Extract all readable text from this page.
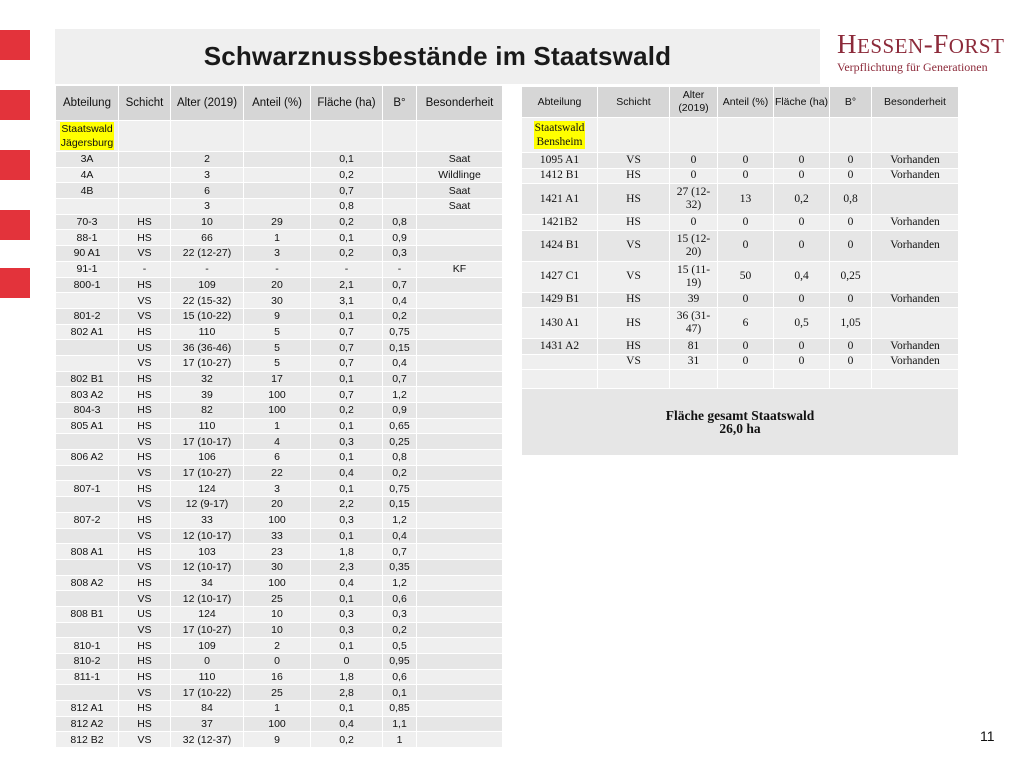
Schwarznussbestände im Staatswald	HESSEN-FORST
Verpflichtung für Generationen
Abteilung	Schicht	Alter (2019)	Anteil (%)	Fläche (ha)	B°	Besonderheit
Staatswald
Jägersburg						
3A		2		0,1		Saat
4A		3		0,2		Wildlinge
4B		6		0,7		Saat
		3		0,8		Saat
70-3	HS	10	29	0,2	0,8	
88-1	HS	66	1	0,1	0,9	
90 A1	VS	22 (12-27)	3	0,2	0,3	
91-1	-	-	-	-	-	KF
800-1	HS	109	20	2,1	0,7	
	VS	22 (15-32)	30	3,1	0,4	
801-2	VS	15 (10-22)	9	0,1	0,2	
802 A1	HS	110	5	0,7	0,75	
	US	36 (36-46)	5	0,7	0,15	
	VS	17 (10-27)	5	0,7	0,4	
802 B1	HS	32	17	0,1	0,7	
803 A2	HS	39	100	0,7	1,2	
804-3	HS	82	100	0,2	0,9	
805 A1	HS	110	1	0,1	0,65	
	VS	17 (10-17)	4	0,3	0,25	
806 A2	HS	106	6	0,1	0,8	
	VS	17 (10-27)	22	0,4	0,2	
807-1	HS	124	3	0,1	0,75	
	VS	12 (9-17)	20	2,2	0,15	
807-2	HS	33	100	0,3	1,2	
	VS	12 (10-17)	33	0,1	0,4	
808 A1	HS	103	23	1,8	0,7	
	VS	12 (10-17)	30	2,3	0,35	
808 A2	HS	34	100	0,4	1,2	
	VS	12 (10-17)	25	0,1	0,6	
808 B1	US	124	10	0,3	0,3	
	VS	17 (10-27)	10	0,3	0,2	
810-1	HS	109	2	0,1	0,5	
810-2	HS	0	0	0	0,95	
811-1	HS	110	16	1,8	0,6	
	VS	17 (10-22)	25	2,8	0,1	
812 A1	HS	84	1	0,1	0,85	
812 A2	HS	37	100	0,4	1,1	
812 B2	VS	32 (12-37)	9	0,2	1	
Abteilung	Schicht	Alter (2019)	Anteil (%)	Fläche (ha)	B°	Besonderheit
Staatswald
Bensheim						
1095 A1	VS	0	0	0	0	Vorhanden
1412 B1	HS	0	0	0	0	Vorhanden
1421 A1	HS	27 (12-32)	13	0,2	0,8	
1421B2	HS	0	0	0	0	Vorhanden
1424 B1	VS	15 (12-20)	0	0	0	Vorhanden
1427 C1	VS	15 (11-19)	50	0,4	0,25	
1429 B1	HS	39	0	0	0	Vorhanden
1430 A1	HS	36 (31-47)	6	0,5	1,05	
1431 A2	HS	81	0	0	0	Vorhanden
	VS	31	0	0	0	Vorhanden

Fläche gesamt Staatswald
26,0 ha						
11
